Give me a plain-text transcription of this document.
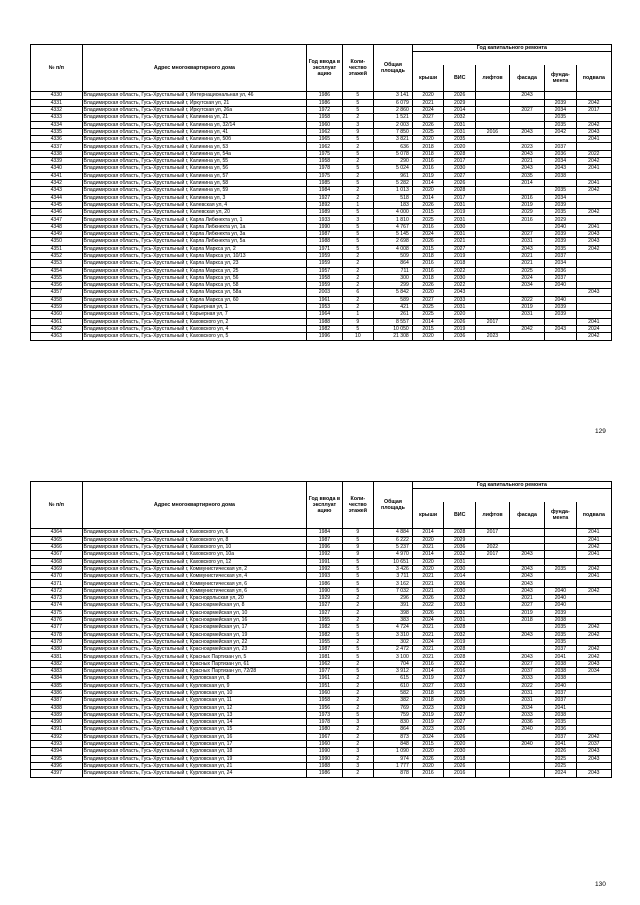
№ п/п	Адрес многоквартирного дома	Год ввода в эксплуат ацию	Коли-чество этажей	Общая площадь	Год капитального ремонта					

					крыши	ВИС	лифтов	фасада	фунда-мента	подвала
4330	Владимирская область, Гусь-Хрустальный г, Интернациональная ул, 46	1986	5	3 141	2020	2026		2043		
4331	Владимирская область, Гусь-Хрустальный г, Иркутская ул, 21	1986	5	6 079	2021	2029			2039	2042
4332	Владимирская область, Гусь-Хрустальный г, Иркутская ул, 26а	1972	5	2 860	2024	2014		2027	2034	2017
4333	Владимирская область, Гусь-Хрустальный г, Калинина ул, 21	1958	2	1 521	2027	2032			2035	
4334	Владимирская область, Гусь-Хрустальный г, Калинина ул, 32/14	1960	3	2 003	2026	2031			2035	2042
4335	Владимирская область, Гусь-Хрустальный г, Калинина ул, 41	1962	9	7 850	2025	2031	2016	2043	2042	2043
4336	Владимирская область, Гусь-Хрустальный г, Калинина ул, 50б	1965	5	3 821	2020	2035				2041
4337	Владимирская область, Гусь-Хрустальный г, Калинина ул, 53	1962	2	636	2018	2020		2023	2037	
4338	Владимирская область, Гусь-Хрустальный г, Калинина ул, 54а	1975	5	5 078	2018	2028		2043	2036	2022
4339	Владимирская область, Гусь-Хрустальный г, Калинина ул, 55	1958	2	290	2016	2017		2021	2034	2042
4340	Владимирская область, Гусь-Хрустальный г, Калинина ул, 56	1978	5	5 024	2016	2030		2043	2043	2041
4341	Владимирская область, Гусь-Хрустальный г, Калинина ул, 57	1975	2	961	2019	2027		2035	2038	
4342	Владимирская область, Гусь-Хрустальный г, Калинина ул, 58	1985	5	5 282	2014	2026		2014		2041
4343	Владимирская область, Гусь-Хрустальный г, Калинина ул, 59	1984	2	1 013	2020	2028			2035	2042
4344	Владимирская область, Гусь-Хрустальный г, Калинина ул, 3	1927	2	518	2014	2017		2016	2034	
4345	Владимирская область, Гусь-Хрустальный г, Калевская ул, 4	1892	1	183	2026	2031		2019	2039	
4346	Владимирская область, Гусь-Хрустальный г, Калевская ул, 20	1989	5	4 000	2015	2019		2029	2035	2042
4347	Владимирская область, Гусь-Хрустальный г, Карла Либкнехта ул, 1	1933	3	1 810	2025	2031		2016	2029	
4348	Владимирская область, Гусь-Хрустальный г, Карла Либкнехта ул, 1а	1990	5	4 767	2016	2030			2040	2041
4349	Владимирская область, Гусь-Хрустальный г, Карла Либкнехта ул, 3а	1987	5	5 145	2024	2031		2027	2039	2043
4350	Владимирская область, Гусь-Хрустальный г, Карла Либкнехта ул, 5а	1988	5	2 698	2026	2021		2031	2039	2043
4351	Владимирская область, Гусь-Хрустальный г, Карла Маркса ул, 2	1971	5	4 008	2015	2027		2043	2035	2042
4352	Владимирская область, Гусь-Хрустальный г, Карла Маркса ул, 10/13	1959	2	509	2018	2019		2021	2037	
4353	Владимирская область, Гусь-Хрустальный г, Карла Маркса ул, 23	1959	2	864	2016	2018		2021	2034	
4354	Владимирская область, Гусь-Хрустальный г, Карла Маркса ул, 25	1957	2	711	2016	2022		2025	2036	
4355	Владимирская область, Гусь-Хрустальный г, Карла Маркса ул, 56	1958	2	300	2018	2030		2024	2037	
4356	Владимирская область, Гусь-Хрустальный г, Карла Маркса ул, 58	1959	2	299	2026	2022		2034	2040	
4357	Владимирская область, Гусь-Хрустальный г, Карла Маркса ул, 58а	2003	6	5 842	2020	2043				2043
4358	Владимирская область, Гусь-Хрустальный г, Карла Маркса ул, 60	1961	2	589	2027	2033		2022	2040	
4359	Владимирская область, Гусь-Хрустальный г, Карьерная ул, 1	1953	2	421	2025	2031		2019	2039	
4360	Владимирская область, Гусь-Хрустальный г, Карьерная ул, 7	1964	1	261	2025	2020		2031	2039	
4361	Владимирская область, Гусь-Хрустальный г, Каховского ул, 2	1988	9	8 557	2014	2026	2017			2041
4362	Владимирская область, Гусь-Хрустальный г, Каховского ул, 4	1982	5	10 050	2015	2019		2042	2043	2024
4363	Владимирская область, Гусь-Хрустальный г, Каховского ул, 5	1996	10	21 308	2020	2036	2023			2042
129
№ п/п	Адрес многоквартирного дома	Год ввода в эксплуат ацию	Коли-чество этажей	Общая площадь	Год капитального ремонта					

					крыши	ВИС	лифтов	фасада	фунда-мента	подвала
4364	Владимирская область, Гусь-Хрустальный г, Каховского ул, 6	1984	9	4 884	2014	2028	2017			2041
4365	Владимирская область, Гусь-Хрустальный г, Каховского ул, 8	1987	5	6 222	2020	2029				2041
4366	Владимирская область, Гусь-Хрустальный г, Каховского ул, 10	1996	9	5 237	2021	2036	2022			2042
4367	Владимирская область, Гусь-Хрустальный г, Каховского ул, 10а	1992	9	4 970	2014	2032	2017	2043		2041
4368	Владимирская область, Гусь-Хрустальный г, Каховского ул, 12	1991	5	10 651	2020	2031				
4369	Владимирская область, Гусь-Хрустальный г, Коммунистическая ул, 2	1992	5	3 426	2020	2030		2043	2035	2042
4370	Владимирская область, Гусь-Хрустальный г, Коммунистическая ул, 4	1993	5	3 711	2021	2014		2043		2041
4371	Владимирская область, Гусь-Хрустальный г, Коммунистическая ул, 6	1986	5	3 162	2021	2036		2043		
4372	Владимирская область, Гусь-Хрустальный г, Коммунистическая ул, 6	1990	5	7 032	2021	2030		2043	2040	2042
4373	Владимирская область, Гусь-Хрустальный г, Краснодольская ул, 20	1929	2	296	2026	2032		2021	2040	
4374	Владимирская область, Гусь-Хрустальный г, Красноармейская ул, 8	1927	2	391	2022	2033		2027	2040	
4375	Владимирская область, Гусь-Хрустальный г, Красноармейская ул, 10	1927	2	398	2026	2031		2019	2039	
4376	Владимирская область, Гусь-Хрустальный г, Красноармейская ул, 16	1955	2	383	2024	2031		2018	2038	
4377	Владимирская область, Гусь-Хрустальный г, Красноармейская ул, 17	1982	5	4 724	2021	2028			2035	2042
4378	Владимирская область, Гусь-Хрустальный г, Красноармейская ул, 19	1982	5	3 310	2021	2032		2043	2035	2042
4379	Владимирская область, Гусь-Хрустальный г, Красноармейская ул, 22	1955	2	302	2024	2019			2035	
4380	Владимирская область, Гусь-Хрустальный г, Красноармейская ул, 23	1987	5	2 472	2021	2028			2037	2042
4381	Владимирская область, Гусь-Хрустальный г, Красных Партизан ул, 5	1981	5	3 100	2021	2028		2043	2041	2042
4382	Владимирская область, Гусь-Хрустальный г, Красных Партизан ул, 61	1962	2	704	2016	2022		2027	2038	2043
4383	Владимирская область, Гусь-Хрустальный г, Красных Партизан ул, 72/28	1977	5	3 912	2014	2016		2037	2038	2034
4384	Владимирская область, Гусь-Хрустальный г, Курловская ул, 8	1961	2	615	2019	2027		2033	2038	
4385	Владимирская область, Гусь-Хрустальный г, Курловская ул, 9	1951	2	610	2027	2033		2022	2040	
4386	Владимирская область, Гусь-Хрустальный г, Курловская ул, 10	1960	2	582	2018	2025		2031	2037	
4387	Владимирская область, Гусь-Хрустальный г, Курловская ул, 11	1958	2	382	2018	2030		2031	2037	
4388	Владимирская область, Гусь-Хрустальный г, Курловская ул, 12	1956	2	769	2023	2029		2034	2041	
4389	Владимирская область, Гусь-Хрустальный г, Курловская ул, 13	1973	5	759	2019	2027		2033	2038	
4390	Владимирская область, Гусь-Хрустальный г, Курловская ул, 14	1978	3	830	2019	2027		2036	2035	
4391	Владимирская область, Гусь-Хрустальный г, Курловская ул, 15	1980	2	864	2023	2026		2040	2036	
4392	Владимирская область, Гусь-Хрустальный г, Курловская ул, 16	1967	2	873	2024	2026			2037	2042
4393	Владимирская область, Гусь-Хрустальный г, Курловская ул, 17	1960	2	848	2015	2020		2040	2041	2037
4394	Владимирская область, Гусь-Хрустальный г, Курловская ул, 18	1990	3	1 090	2020	2030			2026	2043
4395	Владимирская область, Гусь-Хрустальный г, Курловская ул, 19	1990	2	974	2026	2018			2025	2043
4396	Владимирская область, Гусь-Хрустальный г, Курловская ул, 21	1988	3	1 777	2020	2026			2025	
4397	Владимирская область, Гусь-Хрустальный г, Курловская ул, 24	1986	2	878	2016	2016			2024	2043
130
